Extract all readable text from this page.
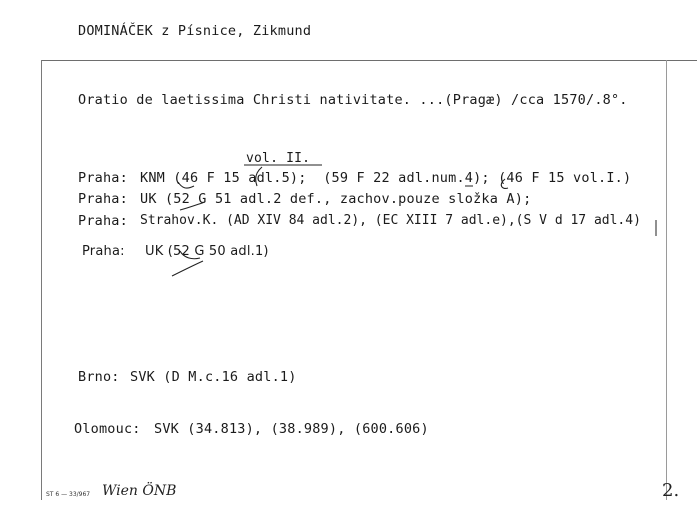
DOMINÁČEK z Písnice, Zikmund
Oratio de laetissima Christi nativitate. ...(Pragæ) /cca 1570/.8°.
vol. II.
Praha: KNM (46 F 15 adl.5);  (59 F 22 adl.num.4); (46 F 15 vol.I.)
Praha: UK (52 G 51 adl.2 def., zachov.pouze složka A);
Praha: Strahov.K. (AD XIV 84 adl.2), (EC XIII 7 adl.e),(S V d 17 adl.4)
Praha: UK (52 G 50 adl.1)
Brno: SVK (D M.c.16 adl.1)
Olomouc: SVK (34.813), (38.989), (600.606)
ST 6 — 33/967 Wien ÖNB	2.
